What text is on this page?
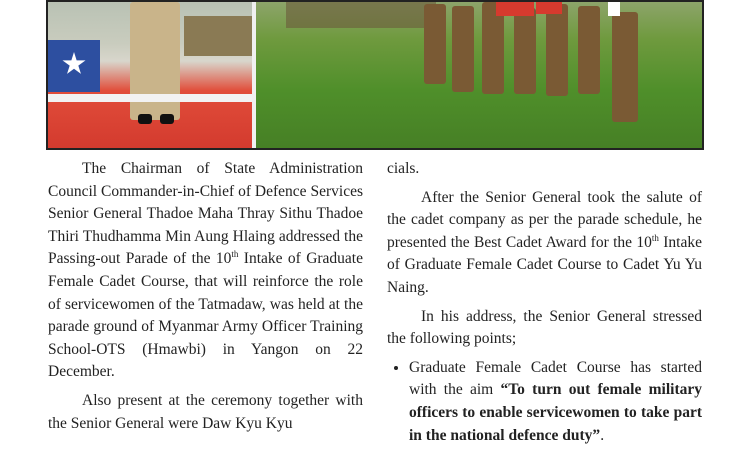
The Chairman of State Administration Council Commander-in-Chief of Defence Services Senior General Thadoe Maha Thray Sithu Thadoe Thiri Thudhamma Min Aung Hlaing addressed the Passing-out Parade of the 10th Intake of Graduate Female Cadet Course, that will reinforce the role of servicewomen of the Tatmadaw, was held at the parade ground of Myanmar Army Officer Training School-OTS (Hmawbi) in Yangon on 22 December.

Also present at the ceremony together with the Senior General were Daw Kyu Kyu

cials.

After the Senior General took the salute of the cadet company as per the parade schedule, he presented the Best Cadet Award for the 10th Intake of Graduate Female Cadet Course to Cadet Yu Yu Naing.

In his address, the Senior General stressed the following points;

• Graduate Female Cadet Course has started with the aim “To turn out female military officers to enable servicewomen to take part in the national defence duty”.
